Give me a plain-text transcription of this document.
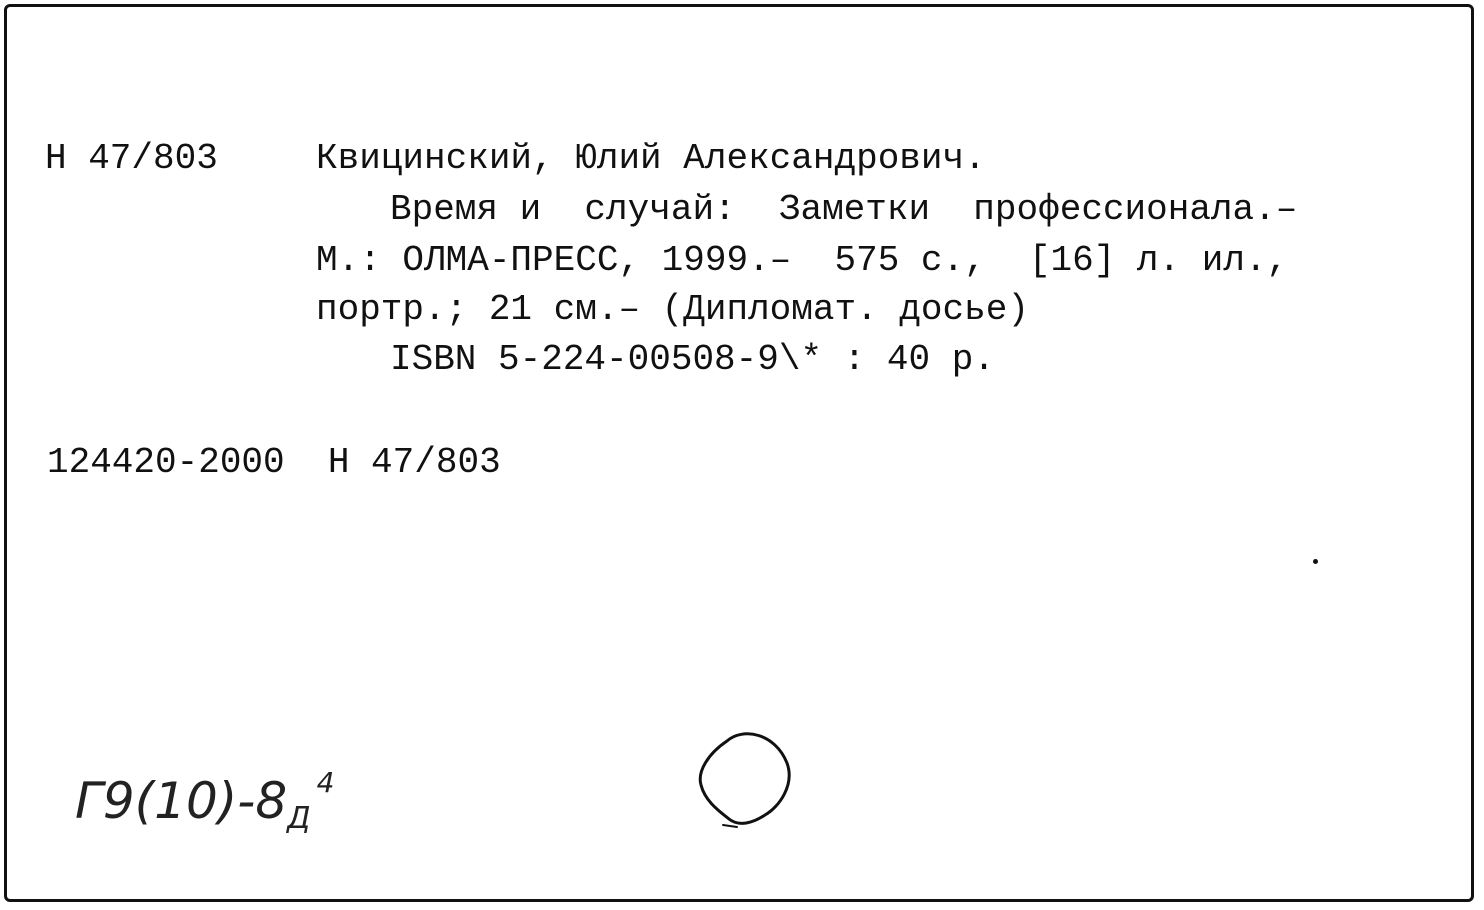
Н 47/803	Квицинский, Юлий Александрович.
Время и  случай:  Заметки  профессионала.–
М.: ОЛМА-ПРЕСС, 1999.–  575 с.,  [16] л. ил.,
портр.; 21 см.– (Дипломат. досье)
ISBN 5-224-00508-9\* : 40 р.
124420-2000  Н 47/803
$Г9(10)-8_Д^4$
